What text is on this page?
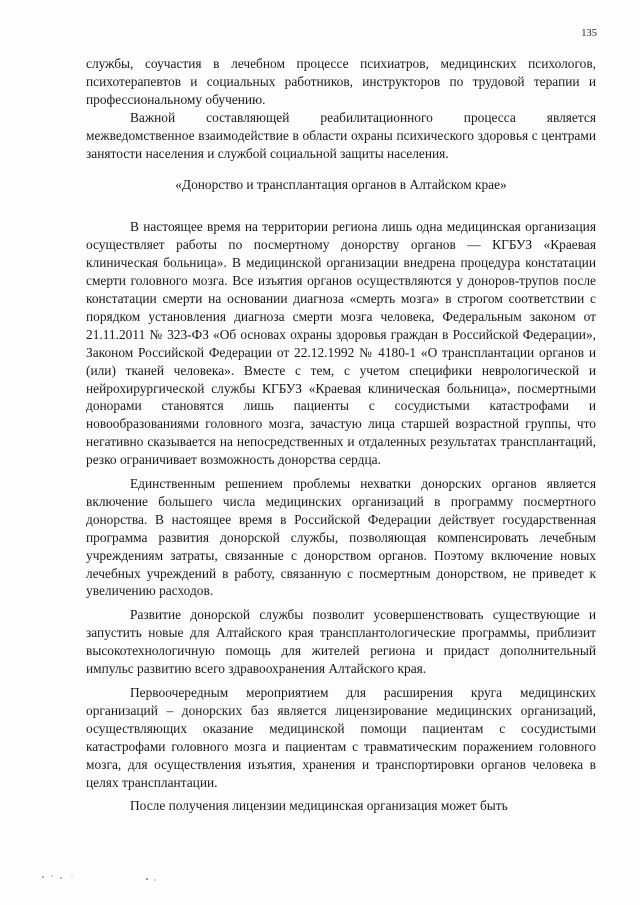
135

службы, соучастия в лечебном процессе психиатров, медицинских психологов, психотерапевтов и социальных работников, инструкторов по трудовой терапии и профессиональному обучению.

Важной составляющей реабилитационного процесса является межведомственное взаимодействие в области охраны психического здоровья с центрами занятости населения и службой социальной защиты населения.

«Донорство и трансплантация органов в Алтайском крае»

В настоящее время на территории региона лишь одна медицинская организация осуществляет работы по посмертному донорству органов — КГБУЗ «Краевая клиническая больница». В медицинской организации внедрена процедура констатации смерти головного мозга. Все изъятия органов осуществляются у доноров-трупов после констатации смерти на основании диагноза «смерть мозга» в строгом соответствии с порядком установления диагноза смерти мозга человека, Федеральным законом от 21.11.2011 № 323-ФЗ «Об основах охраны здоровья граждан в Российской Федерации», Законом Российской Федерации от 22.12.1992 № 4180-1 «О трансплантации органов и (или) тканей человека». Вместе с тем, с учетом специфики неврологической и нейрохирургической службы КГБУЗ «Краевая клиническая больница», посмертными донорами становятся лишь пациенты с сосудистыми катастрофами и новообразованиями головного мозга, зачастую лица старшей возрастной группы, что негативно сказывается на непосредственных и отдаленных результатах трансплантаций, резко ограничивает возможность донорства сердца.

Единственным решением проблемы нехватки донорских органов является включение большего числа медицинских организаций в программу посмертного донорства. В настоящее время в Российской Федерации действует государственная программа развития донорской службы, позволяющая компенсировать лечебным учреждениям затраты, связанные с донорством органов. Поэтому включение новых лечебных учреждений в работу, связанную с посмертным донорством, не приведет к увеличению расходов.

Развитие донорской службы позволит усовершенствовать существующие и запустить новые для Алтайского края трансплантологические программы, приблизит высокотехнологичную помощь для жителей региона и придаст дополнительный импульс развитию всего здравоохранения Алтайского края.

Первоочередным мероприятием для расширения круга медицинских организаций – донорских баз является лицензирование медицинских организаций, осуществляющих оказание медицинской помощи пациентам с сосудистыми катастрофами головного мозга и пациентам с травматическим поражением головного мозга, для осуществления изъятия, хранения и транспортировки органов человека в целях трансплантации.

После получения лицензии медицинская организация может быть
